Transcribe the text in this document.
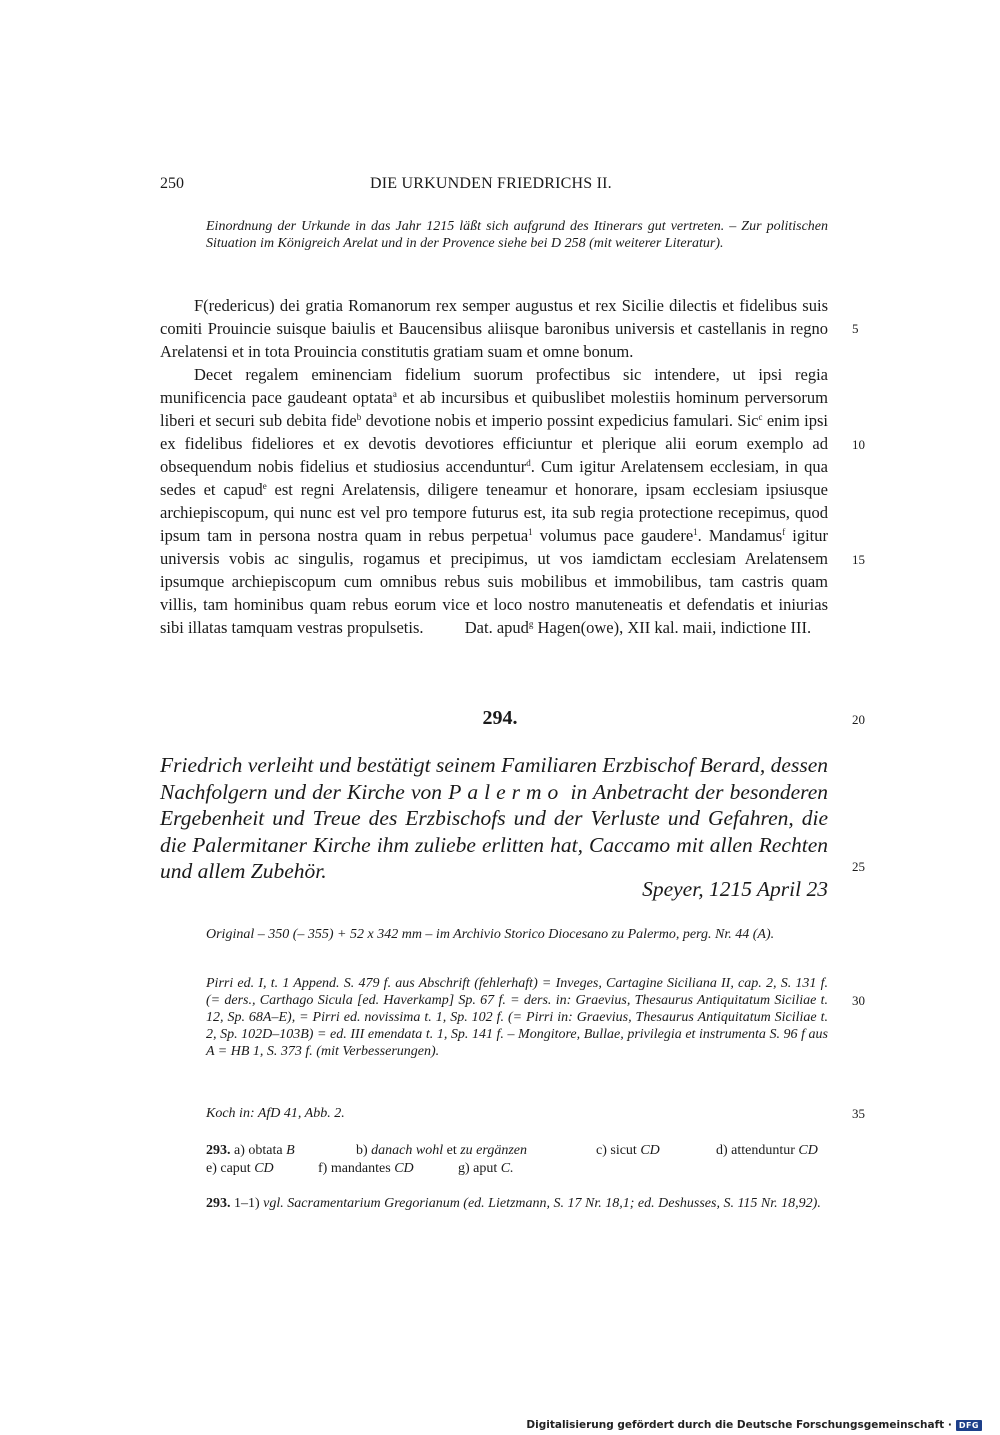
250	DIE URKUNDEN FRIEDRICHS II.
Einordnung der Urkunde in das Jahr 1215 läßt sich aufgrund des Itinerars gut vertreten. – Zur politischen Situation im Königreich Arelat und in der Provence siehe bei D 258 (mit weiterer Literatur).

F(redericus) dei gratia Romanorum rex semper augustus et rex Sicilie dilectis et fidelibus suis comiti Prouincie suisque baiulis et Baucensibus aliisque baronibus universis et castellanis in regno Arelatensi et in tota Prouincia constitutis gratiam suam et omne bonum.

Decet regalem eminenciam fidelium suorum profectibus sic intendere, ut ipsi regia munificencia pace gaudeant optata$^a$ et ab incursibus et quibuslibet molestiis hominum perversorum liberi et securi sub debita fide$^b$ devotione nobis et imperio possint expedicius famulari. Sic$^c$ enim ipsi ex fidelibus fideliores et ex devotis devotiores efficiuntur et plerique alii eorum exemplo ad obsequendum nobis fidelius et studiosius accenduntur$^d$. Cum igitur Arelatensem ecclesiam, in qua sedes et capud$^e$ est regni Arelatensis, diligere teneamur et honorare, ipsam ecclesiam ipsiusque archiepiscopum, qui nunc est vel pro tempore futurus est, ita sub regia protectione recepimus, quod ipsum tam in persona nostra quam in rebus perpetua$^1$ volumus pace gaudere$^1$. Mandamus$^f$ igitur universis vobis ac singulis, rogamus et precipimus, ut vos iamdictam ecclesiam Arelatensem ipsumque archiepiscopum cum omnibus rebus suis mobilibus et immobilibus, tam castris quam villis, tam hominibus quam rebus eorum vice et loco nostro manuteneatis et defendatis et iniurias sibi illatas tamquam vestras propulsetis.	Dat. apud$^g$ Hagen(owe), XII kal. maii, indictione III.

5
10
15
20
25
30
35
294.
Friedrich verleiht und bestätigt seinem Familiaren Erzbischof Berard, dessen Nachfolgern und der Kirche von Palermo in Anbetracht der besonderen Ergebenheit und Treue des Erzbischofs und der Verluste und Gefahren, die die Palermitaner Kirche ihm zuliebe erlitten hat, Caccamo mit allen Rechten und allem Zubehör.
Speyer, 1215 April 23
Original – 350 (– 355) + 52 x 342 mm – im Archivio Storico Diocesano zu Palermo, perg. Nr. 44 (A).
Pirri ed. I, t. 1 Append. S. 479 f. aus Abschrift (fehlerhaft) = Inveges, Cartagine Siciliana II, cap. 2, S. 131 f. (= ders., Carthago Sicula [ed. Haverkamp] Sp. 67 f. = ders. in: Graevius, Thesaurus Antiquitatum Siciliae t. 12, Sp. 68A–E), = Pirri ed. novissima t. 1, Sp. 102 f. (= Pirri in: Graevius, Thesaurus Antiquitatum Siciliae t. 2, Sp. 102D–103B) = ed. III emendata t. 1, Sp. 141 f. – Mongitore, Bullae, privilegia et instrumenta S. 96 f aus A = HB 1, S. 373 f. (mit Verbesserungen).
Koch in: AfD 41, Abb. 2.
293. a) obtata B	b) danach wohl et zu ergänzen	c) sicut CD	d) attenduntur CD
e) caput CD	f) mandantes CD	g) aput C.
293. 1–1) vgl. Sacramentarium Gregorianum (ed. Lietzmann, S. 17 Nr. 18,1; ed. Deshusses, S. 115 Nr. 18,92).
Digitalisierung gefördert durch die Deutsche Forschungsgemeinschaft · DFG
